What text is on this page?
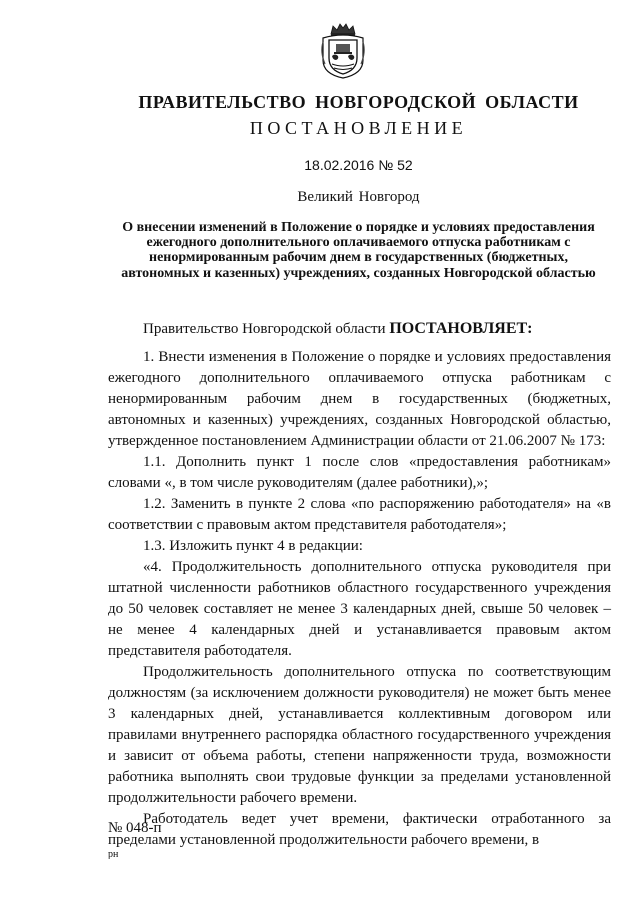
ПРАВИТЕЛЬСТВО НОВГОРОДСКОЙ ОБЛАСТИ
ПОСТАНОВЛЕНИЕ
18.02.2016 № 52
Великий Новгород
О внесении изменений в Положение о порядке и условиях предоставления ежегодного дополнительного оплачиваемого отпуска работникам с ненормированным рабочим днем в государственных (бюджетных, автономных и казенных) учреждениях, созданных Новгородской областью

Правительство Новгородской области ПОСТАНОВЛЯЕТ:

1. Внести изменения в Положение о порядке и условиях предоставления ежегодного дополнительного оплачиваемого отпуска работникам с ненормированным рабочим днем в государственных (бюджетных, автономных и казенных) учреждениях, созданных Новгородской областью, утвержденное постановлением Администрации области от 21.06.2007 № 173:

1.1. Дополнить пункт 1 после слов «предоставления работникам» словами «, в том числе руководителям (далее работники),»;

1.2. Заменить в пункте 2 слова «по распоряжению работодателя» на «в соответствии с правовым актом представителя работодателя»;

1.3. Изложить пункт 4 в редакции:

«4. Продолжительность дополнительного отпуска руководителя при штатной численности работников областного государственного учреждения до 50 человек составляет не менее 3 календарных дней, свыше 50 человек – не менее 4 календарных дней и устанавливается правовым актом представителя работодателя.

Продолжительность дополнительного отпуска по соответствующим должностям (за исключением должности руководителя) не может быть менее 3 календарных дней, устанавливается коллективным договором или правилами внутреннего распорядка областного государственного учреждения и зависит от объема работы, степени напряженности труда, возможности работника выполнять свои трудовые функции за пределами установленной продолжительности рабочего времени.

Работодатель ведет учет времени, фактически отработанного за пределами установленной продолжительности рабочего времени, в

рн

№ 048-п
